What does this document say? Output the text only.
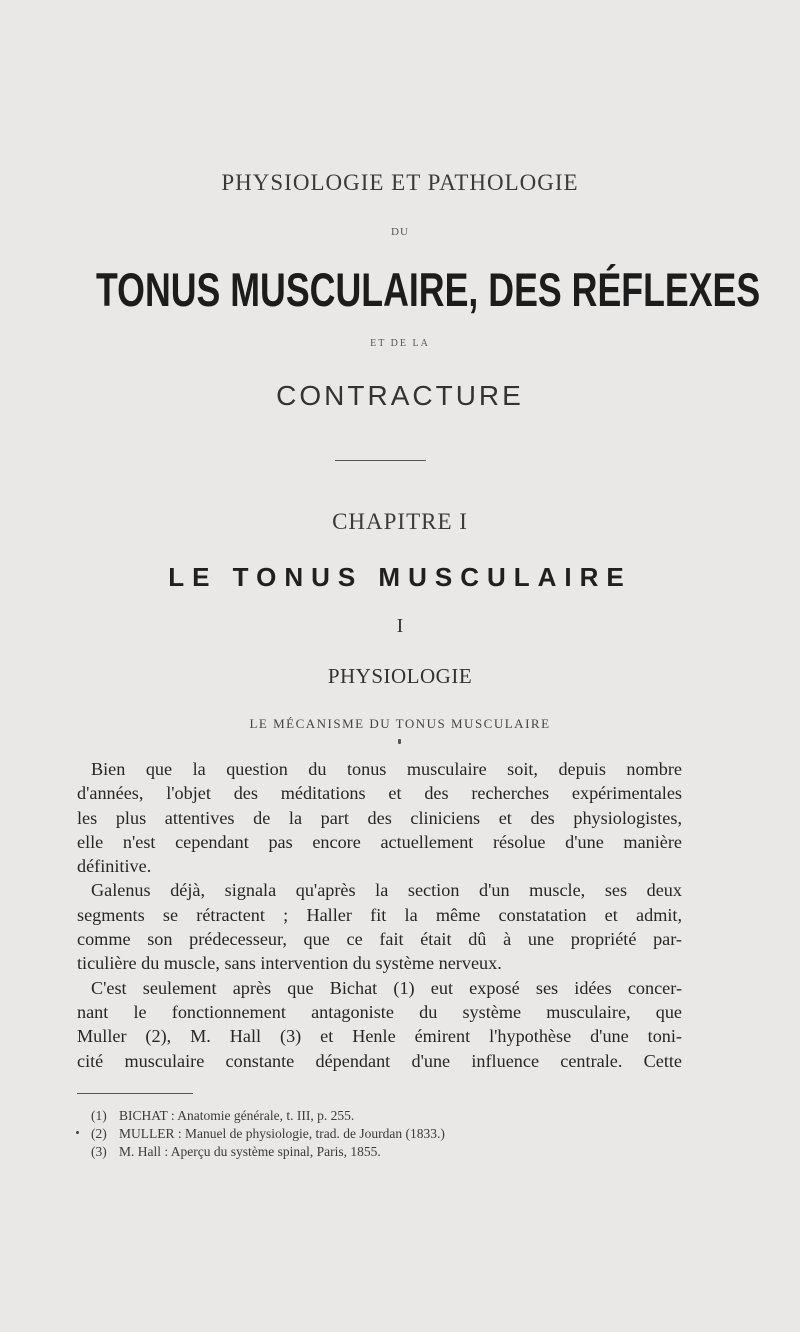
PHYSIOLOGIE ET PATHOLOGIE
DU
TONUS MUSCULAIRE, DES RÉFLEXES
ET DE LA
CONTRACTURE
CHAPITRE I
LE TONUS MUSCULAIRE
I
PHYSIOLOGIE
LE MÉCANISME DU TONUS MUSCULAIRE
Bien que la question du tonus musculaire soit, depuis nombre
d'années, l'objet des méditations et des recherches expérimentales
les plus attentives de la part des cliniciens et des physiologistes,
elle n'est cependant pas encore actuellement résolue d'une manière
définitive.
Galenus déjà, signala qu'après la section d'un muscle, ses deux
segments se rétractent ; Haller fit la même constatation et admit,
comme son prédecesseur, que ce fait était dû à une propriété par-
ticulière du muscle, sans intervention du système nerveux.
C'est seulement après que Bichat (1) eut exposé ses idées concer-
nant le fonctionnement antagoniste du système musculaire, que
Muller (2), M. Hall (3) et Henle émirent l'hypothèse d'une toni-
cité musculaire constante dépendant d'une influence centrale. Cette
(1) BICHAT : Anatomie générale, t. III, p. 255.
(2) MULLER : Manuel de physiologie, trad. de Jourdan (1833.)
(3) M. Hall : Aperçu du système spinal, Paris, 1855.
